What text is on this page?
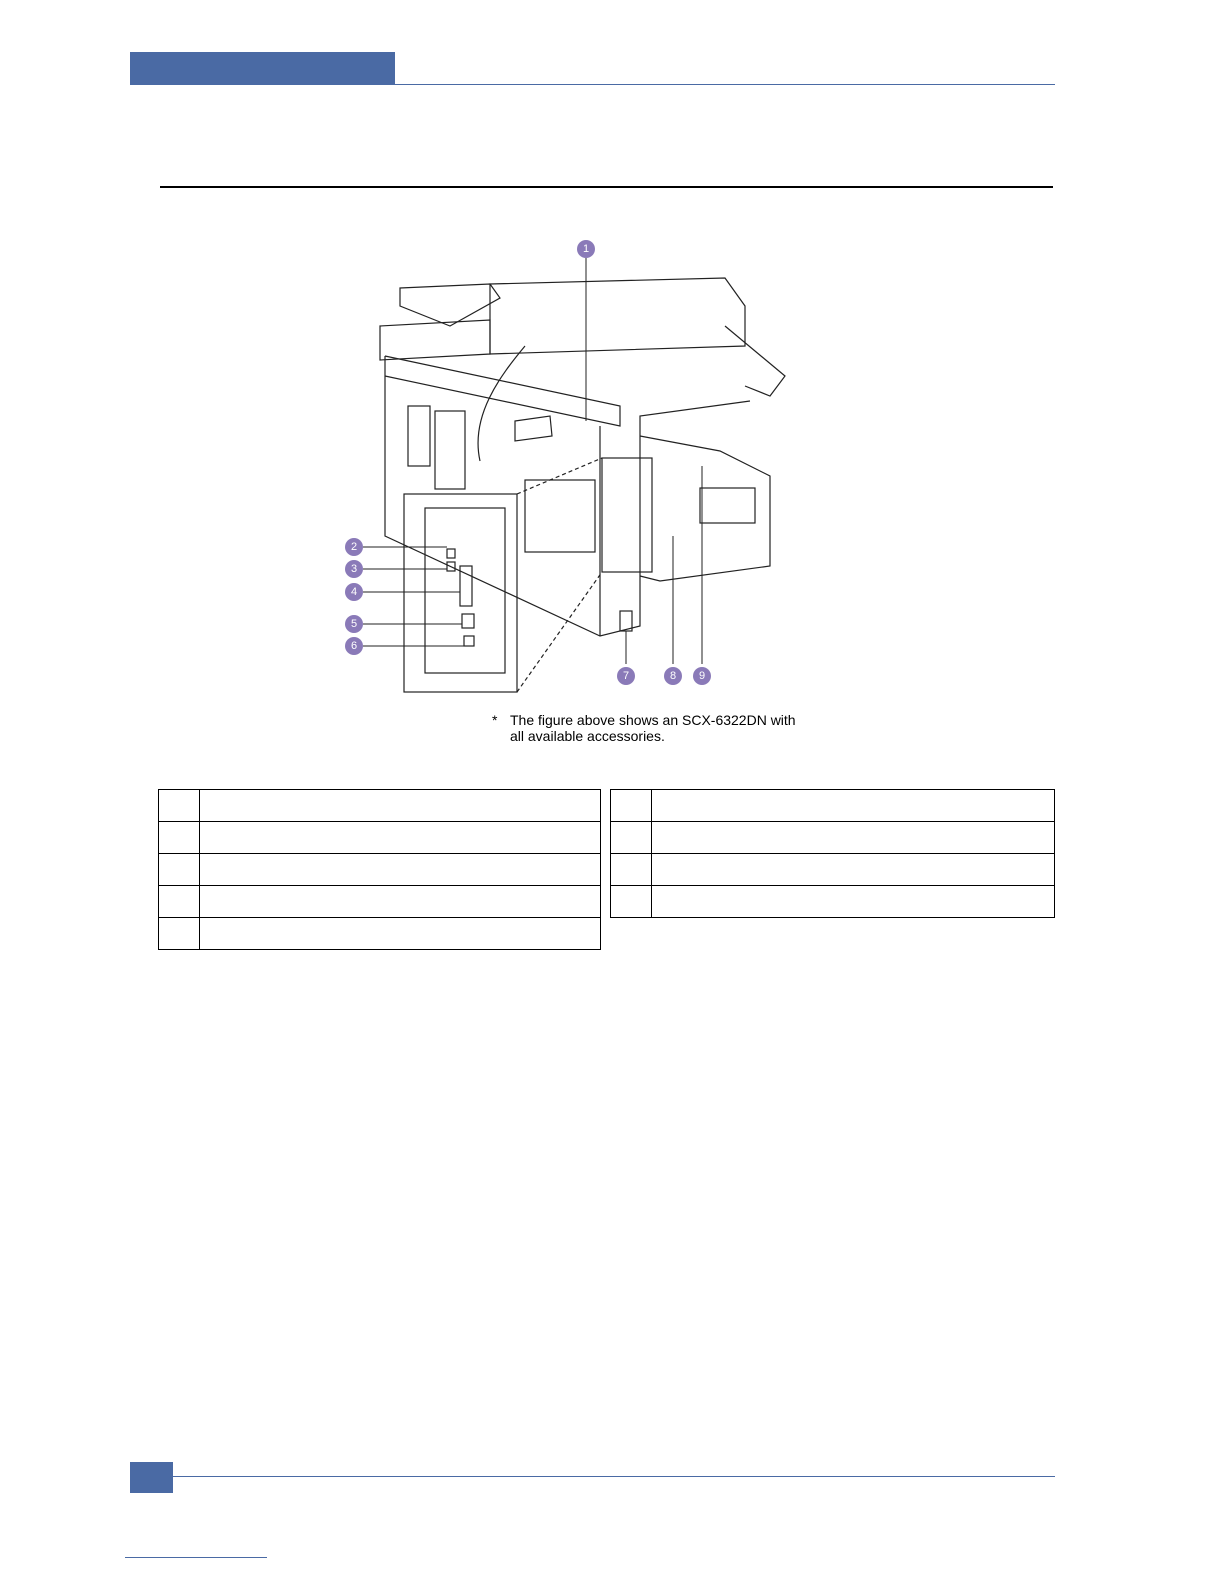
1
2
3
4
5
6
7	8 9
* The figure above shows an SCX-6322DN with
all available accessories.
